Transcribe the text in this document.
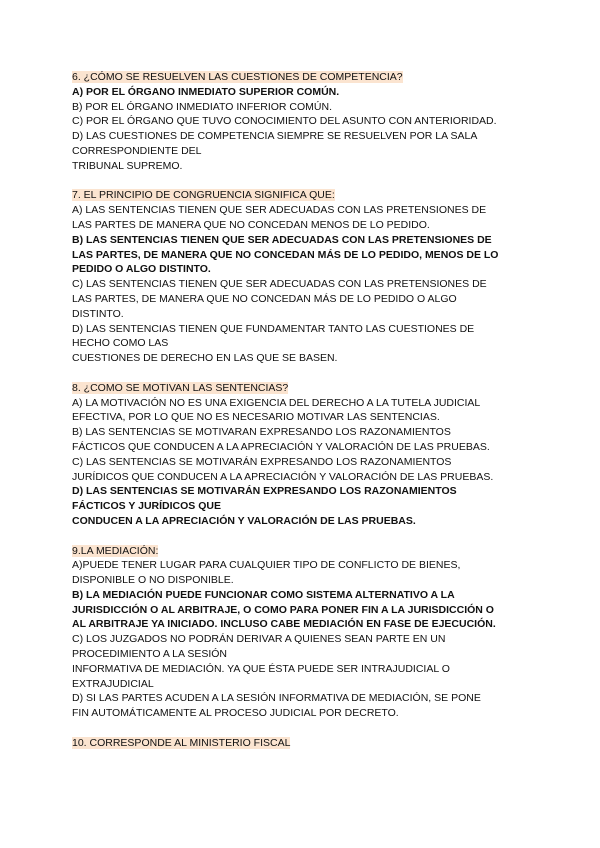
6. ¿CÓMO SE RESUELVEN LAS CUESTIONES DE COMPETENCIA?

A) POR EL ÓRGANO INMEDIATO SUPERIOR COMÚN.
B) POR EL ÓRGANO INMEDIATO INFERIOR COMÚN.
C) POR EL ÓRGANO QUE TUVO CONOCIMIENTO DEL ASUNTO CON ANTERIORIDAD.
D) LAS CUESTIONES DE COMPETENCIA SIEMPRE SE RESUELVEN POR LA SALA
CORRESPONDIENTE DEL
TRIBUNAL SUPREMO.
7. EL PRINCIPIO DE CONGRUENCIA SIGNIFICA QUE:

A) LAS SENTENCIAS TIENEN QUE SER ADECUADAS CON LAS PRETENSIONES DE
LAS PARTES DE MANERA QUE NO CONCEDAN MENOS DE LO PEDIDO.
B) LAS SENTENCIAS TIENEN QUE SER ADECUADAS CON LAS PRETENSIONES DE
LAS PARTES, DE MANERA QUE NO CONCEDAN MÁS DE LO PEDIDO, MENOS DE LO
PEDIDO O ALGO DISTINTO.
C) LAS SENTENCIAS TIENEN QUE SER ADECUADAS CON LAS PRETENSIONES DE
LAS PARTES, DE MANERA QUE NO CONCEDAN MÁS DE LO PEDIDO O ALGO
DISTINTO.
D) LAS SENTENCIAS TIENEN QUE FUNDAMENTAR TANTO LAS CUESTIONES DE
HECHO COMO LAS
CUESTIONES DE DERECHO EN LAS QUE SE BASEN.
8. ¿COMO SE MOTIVAN LAS SENTENCIAS?

A) LA MOTIVACIÓN NO ES UNA EXIGENCIA DEL DERECHO A LA TUTELA JUDICIAL
EFECTIVA, POR LO QUE NO ES NECESARIO MOTIVAR LAS SENTENCIAS.
B) LAS SENTENCIAS SE MOTIVARAN EXPRESANDO LOS RAZONAMIENTOS
FÁCTICOS QUE CONDUCEN A LA APRECIACIÓN Y VALORACIÓN DE LAS PRUEBAS.
C) LAS SENTENCIAS SE MOTIVARÁN EXPRESANDO LOS RAZONAMIENTOS
JURÍDICOS QUE CONDUCEN A LA APRECIACIÓN Y VALORACIÓN DE LAS PRUEBAS.
D) LAS SENTENCIAS SE MOTIVARÁN EXPRESANDO LOS RAZONAMIENTOS
FÁCTICOS Y JURÍDICOS QUE
CONDUCEN A LA APRECIACIÓN Y VALORACIÓN DE LAS PRUEBAS.
9.LA MEDIACIÓN:

A)PUEDE TENER LUGAR PARA CUALQUIER TIPO DE CONFLICTO DE BIENES,
DISPONIBLE O NO DISPONIBLE.
B) LA MEDIACIÓN PUEDE FUNCIONAR COMO SISTEMA ALTERNATIVO A LA
JURISDICCIÓN O AL ARBITRAJE, O COMO PARA PONER FIN A LA JURISDICCIÓN O
AL ARBITRAJE YA INICIADO. INCLUSO CABE MEDIACIÓN EN FASE DE EJECUCIÓN.
C) LOS JUZGADOS NO PODRÁN DERIVAR A QUIENES SEAN PARTE EN UN
PROCEDIMIENTO A LA SESIÓN
INFORMATIVA DE MEDIACIÓN. YA QUE ÉSTA PUEDE SER INTRAJUDICIAL O
EXTRAJUDICIAL
D) SI LAS PARTES ACUDEN A LA SESIÓN INFORMATIVA DE MEDIACIÓN, SE PONE
FIN AUTOMÁTICAMENTE AL PROCESO JUDICIAL POR DECRETO.
10. CORRESPONDE AL MINISTERIO FISCAL
